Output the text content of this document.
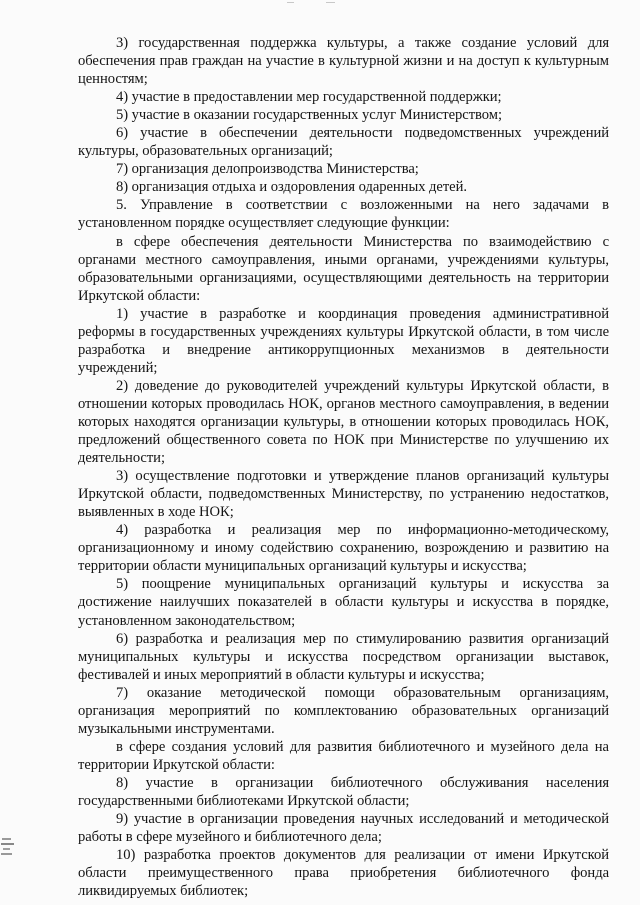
3) государственная поддержка культуры, а также создание условий для обеспечения прав граждан на участие в культурной жизни и на доступ к культурным ценностям;

4) участие в предоставлении мер государственной поддержки;

5) участие в оказании государственных услуг Министерством;

6) участие в обеспечении деятельности подведомственных учреждений культуры, образовательных организаций;

7) организация делопроизводства Министерства;

8) организация отдыха и оздоровления одаренных детей.

5. Управление в соответствии с возложенными на него задачами в установленном порядке осуществляет следующие функции:

в сфере обеспечения деятельности Министерства по взаимодействию с органами местного самоуправления, иными органами, учреждениями культуры, образовательными организациями, осуществляющими деятельность на территории Иркутской области:

1) участие в разработке и координация проведения административной реформы в государственных учреждениях культуры Иркутской области, в том числе разработка и внедрение антикоррупционных механизмов в деятельности учреждений;

2) доведение до руководителей учреждений культуры Иркутской области, в отношении которых проводилась НОК, органов местного самоуправления, в ведении которых находятся организации культуры, в отношении которых проводилась НОК, предложений общественного совета по НОК при Министерстве по улучшению их деятельности;

3) осуществление подготовки и утверждение планов организаций культуры Иркутской области, подведомственных Министерству, по устранению недостатков, выявленных в ходе НОК;

4) разработка и реализация мер по информационно-методическому, организационному и иному содействию сохранению, возрождению и развитию на территории области муниципальных организаций культуры и искусства;

5) поощрение муниципальных организаций культуры и искусства за достижение наилучших показателей в области культуры и искусства в порядке, установленном законодательством;

6) разработка и реализация мер по стимулированию развития организаций муниципальных культуры и искусства посредством организации выставок, фестивалей и иных мероприятий в области культуры и искусства;

7) оказание методической помощи образовательным организациям, организация мероприятий по комплектованию образовательных организаций музыкальными инструментами.

в сфере создания условий для развития библиотечного и музейного дела на территории Иркутской области:

8) участие в организации библиотечного обслуживания населения государственными библиотеками Иркутской области;

9) участие в организации проведения научных исследований и методической работы в сфере музейного и библиотечного дела;

10) разработка проектов документов для реализации от имени Иркутской области преимущественного права приобретения библиотечного фонда ликвидируемых библиотек;
